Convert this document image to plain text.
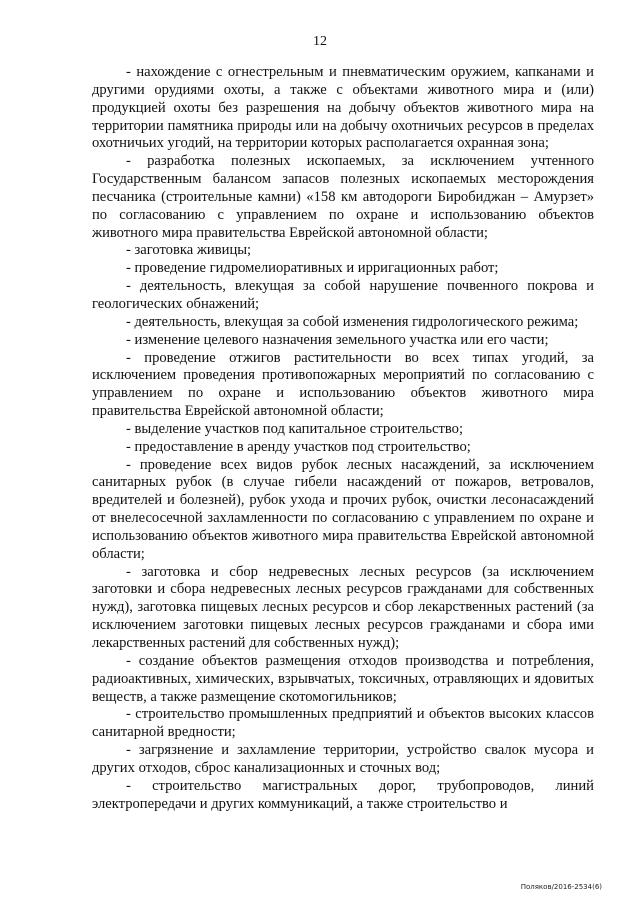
12

- нахождение с огнестрельным и пневматическим оружием, капканами и другими орудиями охоты, а также с объектами животного мира и (или) продукцией охоты без разрешения на добычу объектов животного мира на территории памятника природы или на добычу охотничьих ресурсов в пределах охотничьих угодий, на территории которых располагается охранная зона;

- разработка полезных ископаемых, за исключением учтенного Государственным балансом запасов полезных ископаемых месторождения песчаника (строительные камни) «158 км автодороги Биробиджан – Амурзет» по согласованию с управлением по охране и использованию объектов животного мира правительства Еврейской автономной области;

- заготовка живицы;

- проведение гидромелиоративных и ирригационных работ;

- деятельность, влекущая за собой нарушение почвенного покрова и геологических обнажений;

- деятельность, влекущая за собой изменения гидрологического режима;

- изменение целевого назначения земельного участка или его части;

- проведение отжигов растительности во всех типах угодий, за исключением проведения противопожарных мероприятий по согласованию с управлением по охране и использованию объектов животного мира правительства Еврейской автономной области;

- выделение участков под капитальное строительство;

- предоставление в аренду участков под строительство;

- проведение всех видов рубок лесных насаждений, за исключением санитарных рубок (в случае гибели насаждений от пожаров, ветровалов, вредителей и болезней), рубок ухода и прочих рубок, очистки лесонасаждений от внелесосечной захламленности по согласованию с управлением по охране и использованию объектов животного мира правительства Еврейской автономной области;

- заготовка и сбор недревесных лесных ресурсов (за исключением заготовки и сбора недревесных лесных ресурсов гражданами для собственных нужд), заготовка пищевых лесных ресурсов и сбор лекарственных растений (за исключением заготовки пищевых лесных ресурсов гражданами и сбора ими лекарственных растений для собственных нужд);

- создание объектов размещения отходов производства и потребления, радиоактивных, химических, взрывчатых, токсичных, отравляющих и ядовитых веществ, а также размещение скотомогильников;

- строительство промышленных предприятий и объектов высоких классов санитарной вредности;

- загрязнение и захламление территории, устройство свалок мусора и других отходов, сброс канализационных и сточных вод;

- строительство магистральных дорог, трубопроводов, линий электропередачи и других коммуникаций, а также строительство и

Поляков/2016-2534(6)
